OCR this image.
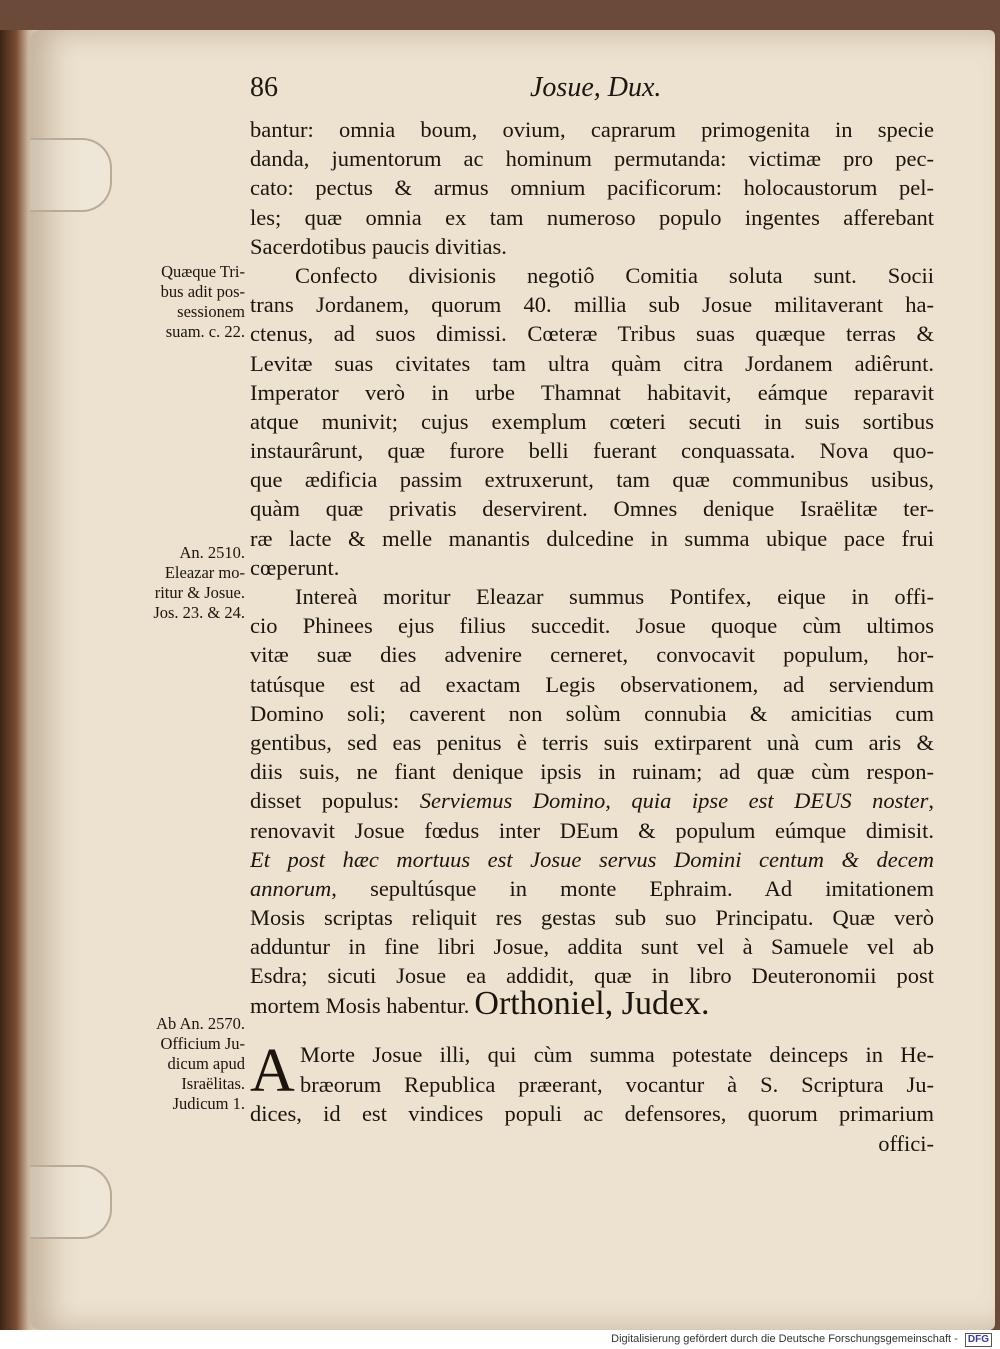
86	Josue, Dux.
bantur: omnia boum, ovium, caprarum primogenita in specie
danda, jumentorum ac hominum permutanda: victimæ pro pec-
cato: pectus & armus omnium pacificorum: holocaustorum pel-
les; quæ omnia ex tam numeroso populo ingentes afferebant
Sacerdotibus paucis divitias.
Confecto divisionis negotiô Comitia soluta sunt. Socii
trans Jordanem, quorum 40. millia sub Josue militaverant ha-
ctenus, ad suos dimissi. Cœteræ Tribus suas quæque terras &
Levitæ suas civitates tam ultra quàm citra Jordanem adiêrunt.
Imperator verò in urbe Thamnat habitavit, eámque reparavit
atque munivit; cujus exemplum cœteri secuti in suis sortibus
instaurârunt, quæ furore belli fuerant conquassata. Nova quo-
que ædificia passim extruxerunt, tam quæ communibus usibus,
quàm quæ privatis deservirent. Omnes denique Israëlitæ ter-
ræ lacte & melle manantis dulcedine in summa ubique pace frui
cœperunt.
Intereà moritur Eleazar summus Pontifex, eique in offi-
cio Phinees ejus filius succedit. Josue quoque cùm ultimos
vitæ suæ dies advenire cerneret, convocavit populum, hor-
tatúsque est ad exactam Legis observationem, ad serviendum
Domino soli; caverent non solùm connubia & amicitias cum
gentibus, sed eas penitus è terris suis extirparent unà cum aris &
diis suis, ne fiant denique ipsis in ruinam; ad quæ cùm respon-
disset populus: Serviemus Domino, quia ipse est DEUS noster,
renovavit Josue fœdus inter DEum & populum eúmque dimisit.
Et post hæc mortuus est Josue servus Domini centum & decem
annorum, sepultúsque in monte Ephraim. Ad imitationem
Mosis scriptas reliquit res gestas sub suo Principatu. Quæ verò
adduntur in fine libri Josue, addita sunt vel à Samuele vel ab
Esdra; sicuti Josue ea addidit, quæ in libro Deuteronomii post
mortem Mosis habentur. Orthoniel, Judex.
A Morte Josue illi, qui cùm summa potestate deinceps in He-
bræorum Republica præerant, vocantur à S. Scriptura Ju-
dices, id est vindices populi ac defensores, quorum primarium
offici-
Quæque Tri-
bus adit pos-
sessionem
suam. c. 22.
An. 2510.
Eleazar mo-
ritur & Josue.
Jos. 23. & 24.
Ab An. 2570.
Officium Ju-
dicum apud
Israëlitas.
Judicum 1.
Digitalisierung gefördert durch die Deutsche Forschungsgemeinschaft - DFG
